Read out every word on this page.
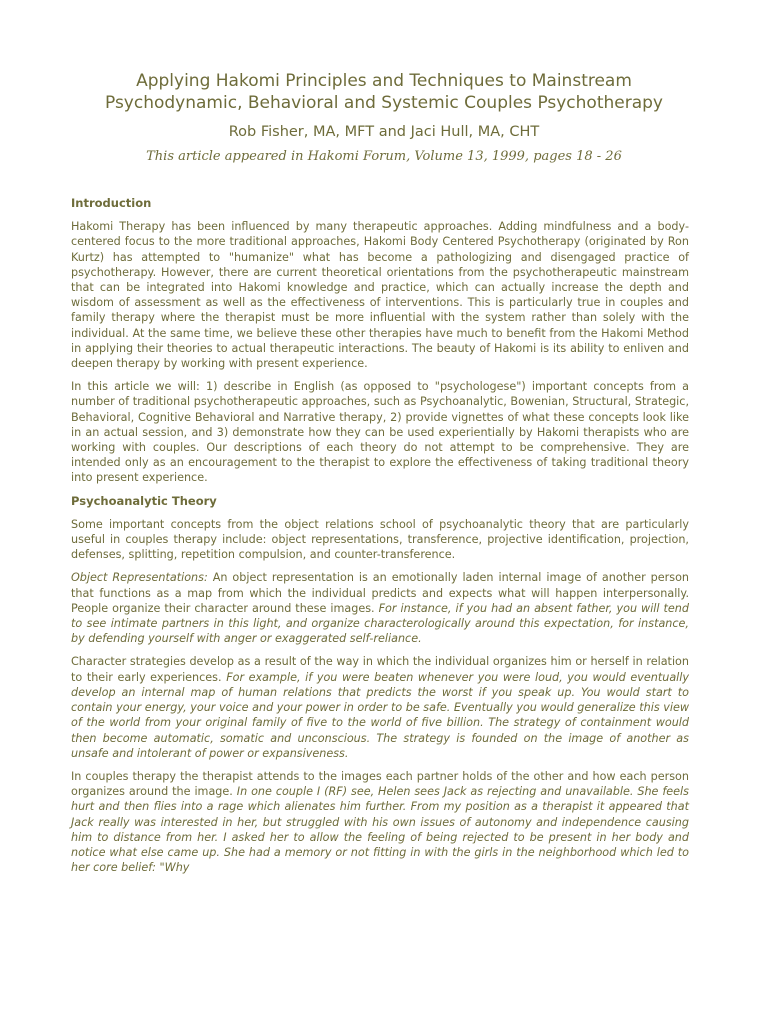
Applying Hakomi Principles and Techniques to Mainstream
Psychodynamic, Behavioral and Systemic Couples Psychotherapy
Rob Fisher, MA, MFT and Jaci Hull, MA, CHT
This article appeared in Hakomi Forum, Volume 13, 1999, pages 18 - 26
Introduction

Hakomi Therapy has been influenced by many therapeutic approaches. Adding mindfulness and a body-centered focus to the more traditional approaches, Hakomi Body Centered Psychotherapy (originated by Ron Kurtz) has attempted to "humanize" what has become a pathologizing and disengaged practice of psychotherapy. However, there are current theoretical orientations from the psychotherapeutic mainstream that can be integrated into Hakomi knowledge and practice, which can actually increase the depth and wisdom of assessment as well as the effectiveness of interventions. This is particularly true in couples and family therapy where the therapist must be more influential with the system rather than solely with the individual. At the same time, we believe these other therapies have much to benefit from the Hakomi Method in applying their theories to actual therapeutic interactions. The beauty of Hakomi is its ability to enliven and deepen therapy by working with present experience.

In this article we will: 1) describe in English (as opposed to "psychologese") important concepts from a number of traditional psychotherapeutic approaches, such as Psychoanalytic, Bowenian, Structural, Strategic, Behavioral, Cognitive Behavioral and Narrative therapy, 2) provide vignettes of what these concepts look like in an actual session, and 3) demonstrate how they can be used experientially by Hakomi therapists who are working with couples. Our descriptions of each theory do not attempt to be comprehensive. They are intended only as an encouragement to the therapist to explore the effectiveness of taking traditional theory into present experience.

Psychoanalytic Theory

Some important concepts from the object relations school of psychoanalytic theory that are particularly useful in couples therapy include: object representations, transference, projective identification, projection, defenses, splitting, repetition compulsion, and counter-transference.

Object Representations: An object representation is an emotionally laden internal image of another person that functions as a map from which the individual predicts and expects what will happen interpersonally. People organize their character around these images. For instance, if you had an absent father, you will tend to see intimate partners in this light, and organize characterologically around this expectation, for instance, by defending yourself with anger or exaggerated self-reliance.

Character strategies develop as a result of the way in which the individual organizes him or herself in relation to their early experiences. For example, if you were beaten whenever you were loud, you would eventually develop an internal map of human relations that predicts the worst if you speak up. You would start to contain your energy, your voice and your power in order to be safe. Eventually you would generalize this view of the world from your original family of five to the world of five billion. The strategy of containment would then become automatic, somatic and unconscious. The strategy is founded on the image of another as unsafe and intolerant of power or expansiveness.

In couples therapy the therapist attends to the images each partner holds of the other and how each person organizes around the image. In one couple I (RF) see, Helen sees Jack as rejecting and unavailable. She feels hurt and then flies into a rage which alienates him further. From my position as a therapist it appeared that Jack really was interested in her, but struggled with his own issues of autonomy and independence causing him to distance from her. I asked her to allow the feeling of being rejected to be present in her body and notice what else came up. She had a memory or not fitting in with the girls in the neighborhood which led to her core belief: "Why
